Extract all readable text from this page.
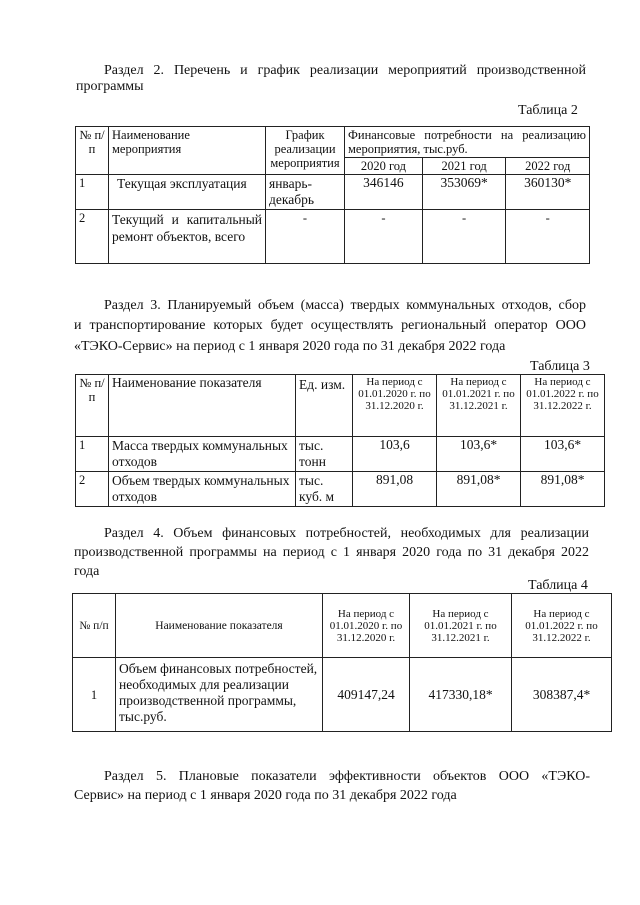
Раздел 2. Перечень и график реализации мероприятий производственной
программы
Таблица 2
№ п/п	Наименование мероприятия	График реализации мероприятия	Финансовые потребности на реализацию мероприятия, тыс.руб.		
			2020 год	2021 год	2022 год
1	Текущая эксплуатация	январь-декабрь	346146	353069*	360130*
2	Текущий и капитальный ремонт объектов, всего	-	-	-	-
Раздел 3. Планируемый объем (масса) твердых коммунальных отходов, сбор
и транспортирование которых будет осуществлять региональный оператор ООО
«ТЭКО-Сервис» на период с 1 января 2020 года по 31 декабря 2022 года
Таблица 3
№ п/п	Наименование показателя	Ед. изм.	На период с 01.01.2020 г. по 31.12.2020 г.	На период с 01.01.2021 г. по 31.12.2021 г.	На период с 01.01.2022 г. по 31.12.2022 г.
1	Масса твердых коммунальных отходов	тыс. тонн	103,6	103,6*	103,6*
2	Объем твердых коммунальных отходов	тыс. куб. м	891,08	891,08*	891,08*
Раздел 4. Объем финансовых потребностей, необходимых для реализации
производственной программы на период с 1 января 2020 года по 31 декабря 2022
года
Таблица 4
№ п/п	Наименование показателя	На период с 01.01.2020 г. по 31.12.2020 г.	На период с 01.01.2021 г. по 31.12.2021 г.	На период с 01.01.2022 г. по 31.12.2022 г.
1	Объем финансовых потребностей, необходимых для реализации производственной программы, тыс.руб.	409147,24	417330,18*	308387,4*
Раздел 5. Плановые показатели эффективности объектов ООО «ТЭКО-
Сервис» на период с 1 января 2020 года по 31 декабря 2022 года
